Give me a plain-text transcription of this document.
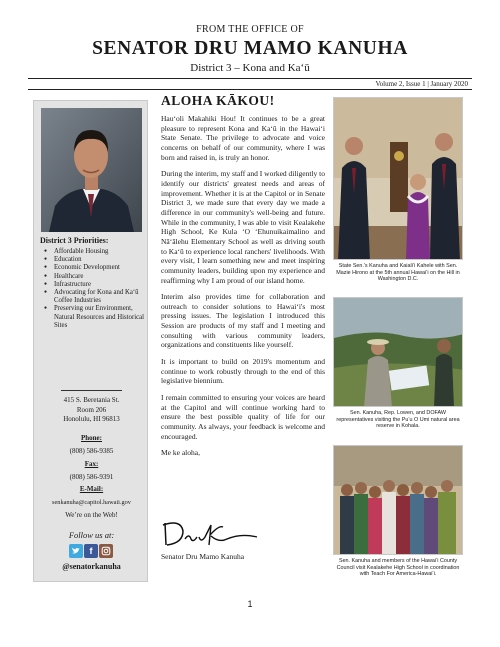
FROM THE OFFICE OF
SENATOR DRU MAMO KANUHA
District 3 – Kona and Ka‘ū
Volume 2, Issue 1 | January 2020
District 3 Priorities:
● Affordable Housing
● Education
● Economic Development
● Healthcare
● Infrastructure
● Advocating for Kona and Ka‘ū Coffee Industries
● Preserving our Environment, Natural Resources and Historical Sites
415 S. Beretania St.
Room 206
Honolulu, HI 96813
Phone:
(808) 586-9385
Fax:
(808) 586-9391
E-Mail:
senkanuha@capitol.hawaii.gov
We’re on the Web!
Follow us at:
f
@senatorkanuha
ALOHA KĀKOU!

Hau‘oli Makahiki Hou! It continues to be a great pleasure to represent Kona and Ka‘ū in the Hawai‘i State Senate. The privilege to advocate and voice concerns on behalf of our community, where I was born and raised in, is truly an honor.

During the interim, my staff and I worked diligently to identify our districts' greatest needs and areas of improvement. Whether it is at the Capitol or in Senate District 3, we made sure that every day we made a difference in our community's well-being and future. While in the community, I was able to visit Kealakehe High School, Ke Kula ‘O ‘Ehunuikaimalino and Nā‘ālehu Elementary School as well as driving south to Ka‘ū to experience local ranchers' livelihoods. With every visit, I learn something new and meet inspiring community leaders, building upon my experience and reaffirming why I am proud of our island home.

Interim also provides time for collaboration and outreach to consider solutions to Hawai‘i's most pressing issues. The legislation I introduced this Session are products of my staff and I meeting and consulting with various community leaders, organizations and constituents like yourself.

It is important to build on 2019's momentum and continue to work robustly through to the end of this legislative biennium.

I remain committed to ensuring your voices are heard at the Capitol and will continue working hard to ensure the best possible quality of life for our community. As always, your feedback is welcome and encouraged.

Me ke aloha,

Senator Dru Mamo Kanuha
State Sen.'s Kanuha and Kaiali‘i Kahele with Sen. Mazie Hirono at the 5th annual Hawai‘i on the Hill in Washington D.C.
Sen. Kanuha, Rep. Lowen, and DOFAW representatives visiting the Pu‘u O Umi natural area reserve in Kohala.
Sen. Kanuha and members of the Hawai‘i County Council visit Kealakehe High School in coordination with Teach For America-Hawai‘i.
1
